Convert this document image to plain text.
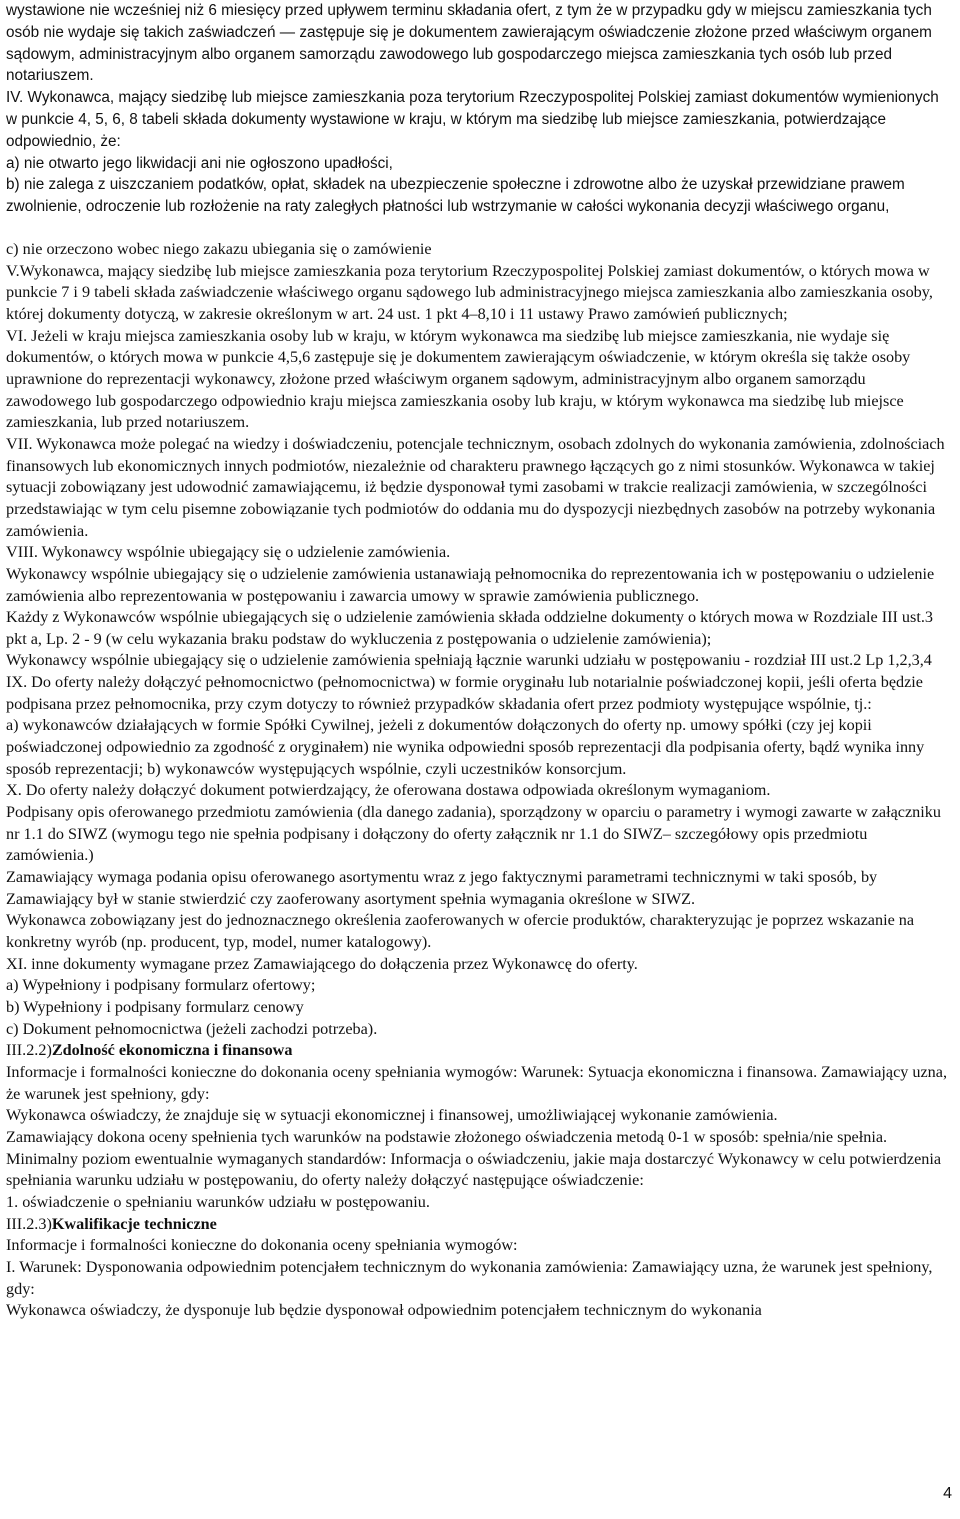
wystawione nie wcześniej niż 6 miesięcy przed upływem terminu składania ofert, z tym że w przypadku gdy w miejscu zamieszkania tych osób nie wydaje się takich zaświadczeń — zastępuje się je dokumentem zawierającym oświadczenie złożone przed właściwym organem sądowym, administracyjnym albo organem samorządu zawodowego lub gospodarczego miejsca zamieszkania tych osób lub przed notariuszem.

IV. Wykonawca, mający siedzibę lub miejsce zamieszkania poza terytorium Rzeczypospolitej Polskiej zamiast dokumentów wymienionych w punkcie 4, 5, 6, 8 tabeli składa dokumenty wystawione w kraju, w którym ma siedzibę lub miejsce zamieszkania, potwierdzające odpowiednio, że:

a) nie otwarto jego likwidacji ani nie ogłoszono upadłości,

b) nie zalega z uiszczaniem podatków, opłat, składek na ubezpieczenie społeczne i zdrowotne albo że uzyskał przewidziane prawem zwolnienie, odroczenie lub rozłożenie na raty zaległych płatności lub wstrzymanie w całości wykonania decyzji właściwego organu,

c) nie orzeczono wobec niego zakazu ubiegania się o zamówienie

V.Wykonawca, mający siedzibę lub miejsce zamieszkania poza terytorium Rzeczypospolitej Polskiej zamiast dokumentów, o których mowa w punkcie 7 i 9 tabeli składa zaświadczenie właściwego organu sądowego lub administracyjnego miejsca zamieszkania albo zamieszkania osoby, której dokumenty dotyczą, w zakresie określonym w art. 24 ust. 1 pkt 4–8,10 i 11 ustawy Prawo zamówień publicznych;

VI. Jeżeli w kraju miejsca zamieszkania osoby lub w kraju, w którym wykonawca ma siedzibę lub miejsce zamieszkania, nie wydaje się dokumentów, o których mowa w punkcie 4,5,6 zastępuje się je dokumentem zawierającym oświadczenie, w którym określa się także osoby uprawnione do reprezentacji wykonawcy, złożone przed właściwym organem sądowym, administracyjnym albo organem samorządu zawodowego lub gospodarczego odpowiednio kraju miejsca zamieszkania osoby lub kraju, w którym wykonawca ma siedzibę lub miejsce zamieszkania, lub przed notariuszem.

VII. Wykonawca może polegać na wiedzy i doświadczeniu, potencjale technicznym, osobach zdolnych do wykonania zamówienia, zdolnościach finansowych lub ekonomicznych innych podmiotów, niezależnie od charakteru prawnego łączących go z nimi stosunków. Wykonawca w takiej sytuacji zobowiązany jest udowodnić zamawiającemu, iż będzie dysponował tymi zasobami w trakcie realizacji zamówienia, w szczególności przedstawiając w tym celu pisemne zobowiązanie tych podmiotów do oddania mu do dyspozycji niezbędnych zasobów na potrzeby wykonania zamówienia.

VIII. Wykonawcy wspólnie ubiegający się o udzielenie zamówienia.

Wykonawcy wspólnie ubiegający się o udzielenie zamówienia ustanawiają pełnomocnika do reprezentowania ich w postępowaniu o udzielenie zamówienia albo reprezentowania w postępowaniu i zawarcia umowy w sprawie zamówienia publicznego.

Każdy z Wykonawców wspólnie ubiegających się o udzielenie zamówienia składa oddzielne dokumenty o których mowa w Rozdziale III ust.3 pkt a, Lp. 2 - 9 (w celu wykazania braku podstaw do wykluczenia z postępowania o udzielenie zamówienia);

Wykonawcy wspólnie ubiegający się o udzielenie zamówienia spełniają łącznie warunki udziału w postępowaniu - rozdział III ust.2 Lp 1,2,3,4

IX. Do oferty należy dołączyć pełnomocnictwo (pełnomocnictwa) w formie oryginału lub notarialnie poświadczonej kopii, jeśli oferta będzie podpisana przez pełnomocnika, przy czym dotyczy to również przypadków składania ofert przez podmioty występujące wspólnie, tj.:

a) wykonawców działających w formie Spółki Cywilnej, jeżeli z dokumentów dołączonych do oferty np. umowy spółki (czy jej kopii poświadczonej odpowiednio za zgodność z oryginałem) nie wynika odpowiedni sposób reprezentacji dla podpisania oferty, bądź wynika inny sposób reprezentacji; b) wykonawców występujących wspólnie, czyli uczestników konsorcjum.

X. Do oferty należy dołączyć dokument potwierdzający, że oferowana dostawa odpowiada określonym wymaganiom.

Podpisany opis oferowanego przedmiotu zamówienia (dla danego zadania), sporządzony w oparciu o parametry i wymogi zawarte w załączniku nr 1.1 do SIWZ (wymogu tego nie spełnia podpisany i dołączony do oferty załącznik nr 1.1 do SIWZ– szczegółowy opis przedmiotu zamówienia.)

Zamawiający wymaga podania opisu oferowanego asortymentu wraz z jego faktycznymi parametrami technicznymi w taki sposób, by Zamawiający był w stanie stwierdzić czy zaoferowany asortyment spełnia wymagania określone w SIWZ.

Wykonawca zobowiązany jest do jednoznacznego określenia zaoferowanych w ofercie produktów, charakteryzując je poprzez wskazanie na konkretny wyrób (np. producent, typ, model, numer katalogowy).

XI. inne dokumenty wymagane przez Zamawiającego do dołączenia przez Wykonawcę do oferty.

a) Wypełniony i podpisany formularz ofertowy;

b) Wypełniony i podpisany formularz cenowy

c) Dokument pełnomocnictwa (jeżeli zachodzi potrzeba).

III.2.2)Zdolność ekonomiczna i finansowa

Informacje i formalności konieczne do dokonania oceny spełniania wymogów: Warunek: Sytuacja ekonomiczna i finansowa. Zamawiający uzna, że warunek jest spełniony, gdy:

Wykonawca oświadczy, że znajduje się w sytuacji ekonomicznej i finansowej, umożliwiającej wykonanie zamówienia.

Zamawiający dokona oceny spełnienia tych warunków na podstawie złożonego oświadczenia metodą 0-1 w sposób: spełnia/nie spełnia.

Minimalny poziom ewentualnie wymaganych standardów: Informacja o oświadczeniu, jakie maja dostarczyć Wykonawcy w celu potwierdzenia spełniania warunku udziału w postępowaniu, do oferty należy dołączyć następujące oświadczenie:

1. oświadczenie o spełnianiu warunków udziału w postępowaniu.

III.2.3)Kwalifikacje techniczne

Informacje i formalności konieczne do dokonania oceny spełniania wymogów:

I. Warunek: Dysponowania odpowiednim potencjałem technicznym do wykonania zamówienia: Zamawiający uzna, że warunek jest spełniony, gdy:

Wykonawca oświadczy, że dysponuje lub będzie dysponował odpowiednim potencjałem technicznym do wykonania

4
